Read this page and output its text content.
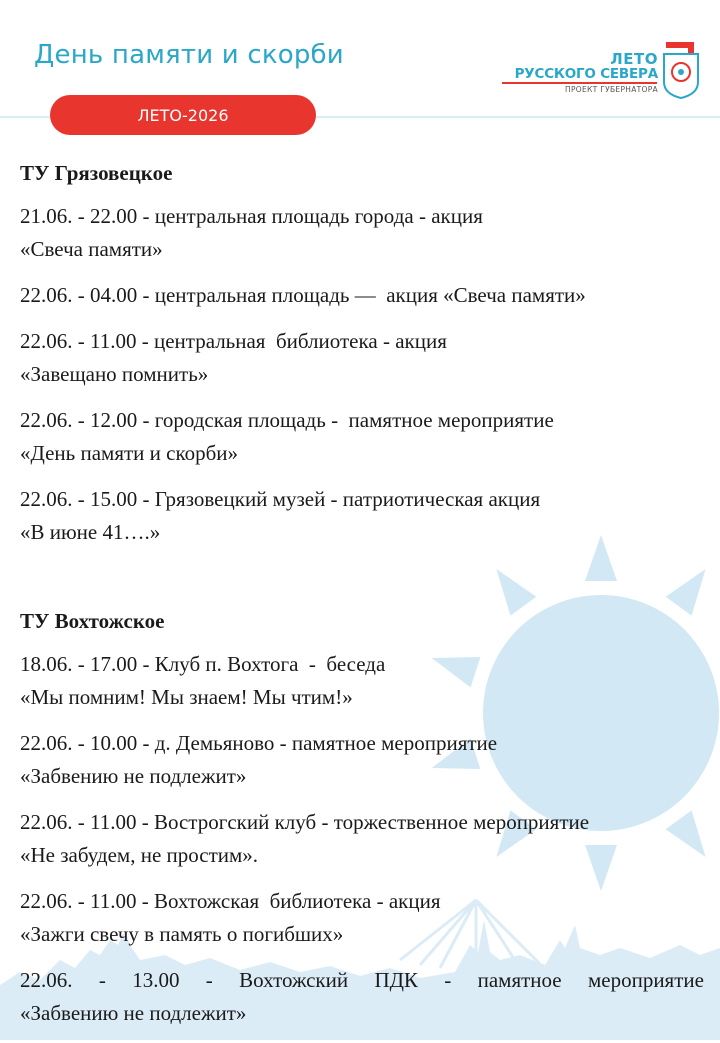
День памяти и скорби
ЛЕТО-2026
ЛЕТО
РУССКОГО СЕВЕРА
ПРОЕКТ ГУБЕРНАТОРА
ТУ Грязовецкое
21.06. - 22.00 - центральная площадь города - акция
«Свеча памяти»
22.06. - 04.00 - центральная площадь —  акция «Свеча памяти»
22.06. - 11.00 - центральная  библиотека - акция
«Завещано помнить»
22.06. - 12.00 - городская площадь -  памятное мероприятие
«День памяти и скорби»
22.06. - 15.00 - Грязовецкий музей - патриотическая акция
«В июне 41….»
ТУ Вохтожское
18.06. - 17.00 - Клуб п. Вохтога  -  беседа
«Мы помним! Мы знаем! Мы чтим!»
22.06. - 10.00 - д. Демьяново - памятное мероприятие
«Забвению не подлежит»
22.06. - 11.00 - Вострогский клуб - торжественное мероприятие
«Не забудем, не простим».
22.06. - 11.00 - Вохтожская  библиотека - акция
«Зажги свечу в память о погибших»
22.06. - 13.00 - Вохтожский ПДК - памятное мероприятие
«Забвению не подлежит»
